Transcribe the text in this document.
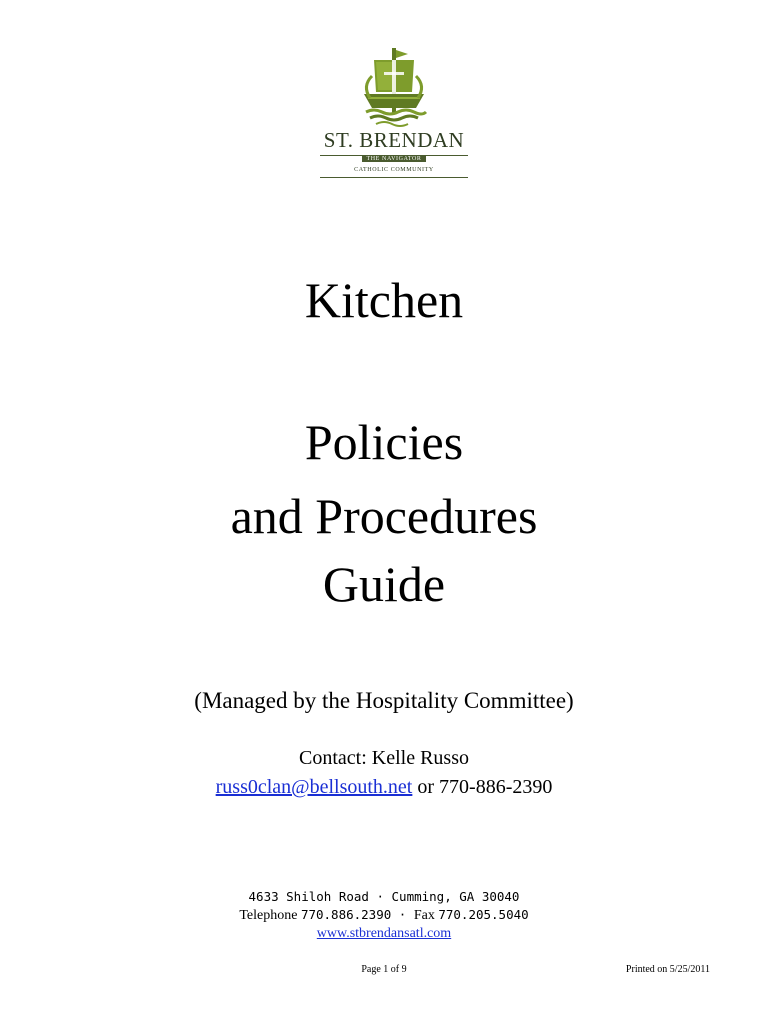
ST. BRENDAN
THE NAVIGATOR
CATHOLIC COMMUNITY
Kitchen
Policies
and Procedures
Guide
(Managed by the Hospitality Committee)
Contact: Kelle Russo
russ0clan@bellsouth.net or 770-886-2390
4633 Shiloh Road · Cumming, GA 30040
Telephone 770.886.2390 · Fax 770.205.5040
www.stbrendansatl.com
Page 1 of 9	Printed on 5/25/2011
